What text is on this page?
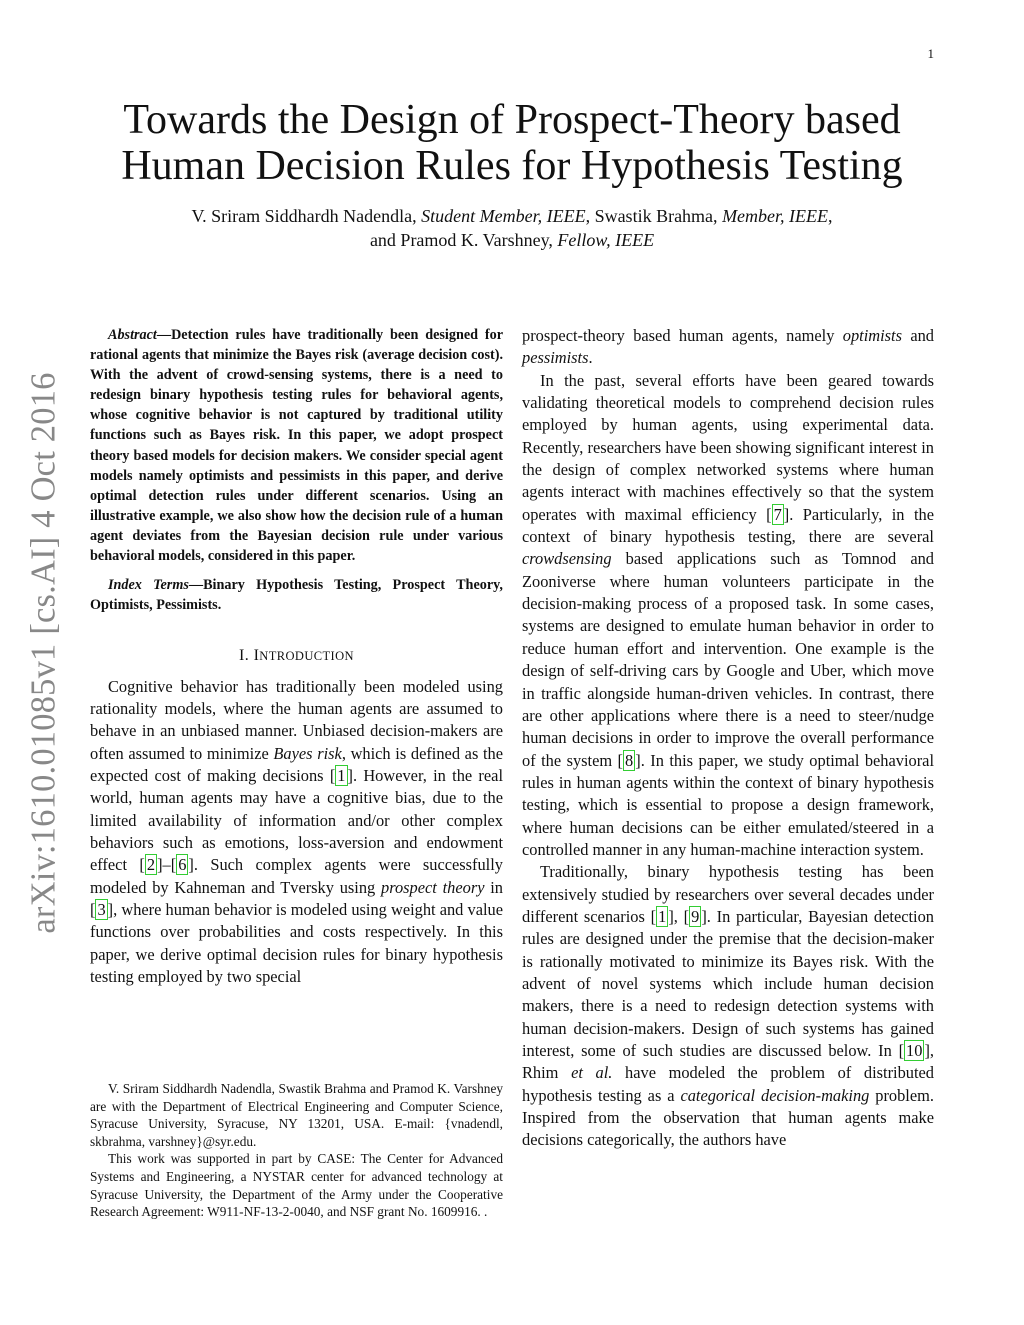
1
arXiv:1610.01085v1 [cs.AI] 4 Oct 2016
Towards the Design of Prospect-Theory based
Human Decision Rules for Hypothesis Testing
V. Sriram Siddhardh Nadendla, Student Member, IEEE, Swastik Brahma, Member, IEEE,
and Pramod K. Varshney, Fellow, IEEE

Abstract—Detection rules have traditionally been designed for rational agents that minimize the Bayes risk (average decision cost). With the advent of crowd-sensing systems, there is a need to redesign binary hypothesis testing rules for behavioral agents, whose cognitive behavior is not captured by traditional utility functions such as Bayes risk. In this paper, we adopt prospect theory based models for decision makers. We consider special agent models namely optimists and pessimists in this paper, and derive optimal detection rules under different scenarios. Using an illustrative example, we also show how the decision rule of a human agent deviates from the Bayesian decision rule under various behavioral models, considered in this paper.

Index Terms—Binary Hypothesis Testing, Prospect Theory, Optimists, Pessimists.

I. INTRODUCTION

Cognitive behavior has traditionally been modeled using rationality models, where the human agents are assumed to behave in an unbiased manner. Unbiased decision-makers are often assumed to minimize Bayes risk, which is defined as the expected cost of making decisions [ 1 ]. However, in the real world, human agents may have a cognitive bias, due to the limited availability of information and/or other complex behaviors such as emotions, loss-aversion and endowment effect [ 2 ]–[ 6 ]. Such complex agents were successfully modeled by Kahneman and Tversky using prospect theory in [ 3 ], where human behavior is modeled using weight and value functions over probabilities and costs respectively. In this paper, we derive optimal decision rules for binary hypothesis testing employed by two special

V. Sriram Siddhardh Nadendla, Swastik Brahma and Pramod K. Varshney are with the Department of Electrical Engineering and Computer Science, Syracuse University, Syracuse, NY 13201, USA. E-mail: {vnadendl, skbrahma, varshney}@syr.edu.

This work was supported in part by CASE: The Center for Advanced Systems and Engineering, a NYSTAR center for advanced technology at Syracuse University, the Department of the Army under the Cooperative Research Agreement: W911-NF-13-2-0040, and NSF grant No. 1609916. .

prospect-theory based human agents, namely optimists and pessimists.

In the past, several efforts have been geared towards validating theoretical models to comprehend decision rules employed by human agents, using experimental data. Recently, researchers have been showing significant interest in the design of complex networked systems where human agents interact with machines effectively so that the system operates with maximal efficiency [ 7 ]. Particularly, in the context of binary hypothesis testing, there are several crowdsensing based applications such as Tomnod and Zooniverse where human volunteers participate in the decision-making process of a proposed task. In some cases, systems are designed to emulate human behavior in order to reduce human effort and intervention. One example is the design of self-driving cars by Google and Uber, which move in traffic alongside human-driven vehicles. In contrast, there are other applications where there is a need to steer/nudge human decisions in order to improve the overall performance of the system [ 8 ]. In this paper, we study optimal behavioral rules in human agents within the context of binary hypothesis testing, which is essential to propose a design framework, where human decisions can be either emulated/steered in a controlled manner in any human-machine interaction system.

Traditionally, binary hypothesis testing has been extensively studied by researchers over several decades under different scenarios [ 1 ], [ 9 ]. In particular, Bayesian detection rules are designed under the premise that the decision-maker is rationally motivated to minimize its Bayes risk. With the advent of novel systems which include human decision makers, there is a need to redesign detection systems with human decision-makers. Design of such systems has gained interest, some of such studies are discussed below. In [ 10 ], Rhim et al. have modeled the problem of distributed hypothesis testing as a categorical decision-making problem. Inspired from the observation that human agents make decisions categorically, the authors have
